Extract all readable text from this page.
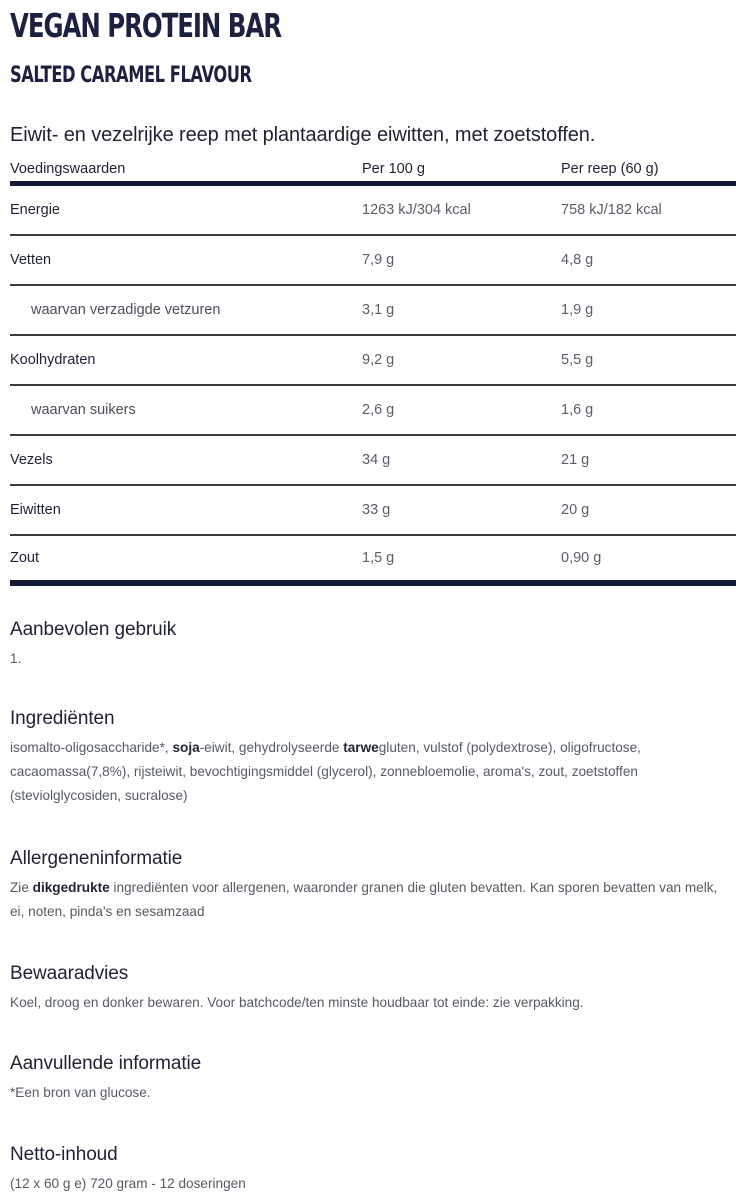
VEGAN PROTEIN BAR
SALTED CARAMEL FLAVOUR
Eiwit- en vezelrijke reep met plantaardige eiwitten, met zoetstoffen.
Voedingswaarden	Per 100 g	Per reep (60 g)
Energie	1263 kJ/304 kcal	758 kJ/182 kcal
Vetten	7,9 g	4,8 g
waarvan verzadigde vetzuren	3,1 g	1,9 g
Koolhydraten	9,2 g	5,5 g
waarvan suikers	2,6 g	1,6 g
Vezels	34 g	21 g
Eiwitten	33 g	20 g
Zout	1,5 g	0,90 g
Aanbevolen gebruik

1.

Ingrediënten

isomalto-oligosaccharide*, soja-eiwit, gehydrolyseerde tarwegluten, vulstof (polydextrose), oligofructose, cacaomassa(7,8%), rijsteiwit, bevochtigingsmiddel (glycerol), zonnebloemolie, aroma's, zout, zoetstoffen (steviolglycosiden, sucralose)

Allergeneninformatie

Zie dikgedrukte ingrediënten voor allergenen, waaronder granen die gluten bevatten. Kan sporen bevatten van melk, ei, noten, pinda's en sesamzaad

Bewaaradvies

Koel, droog en donker bewaren. Voor batchcode/ten minste houdbaar tot einde: zie verpakking.

Aanvullende informatie

*Een bron van glucose.

Netto-inhoud

(12 x 60 g e) 720 gram - 12 doseringen
